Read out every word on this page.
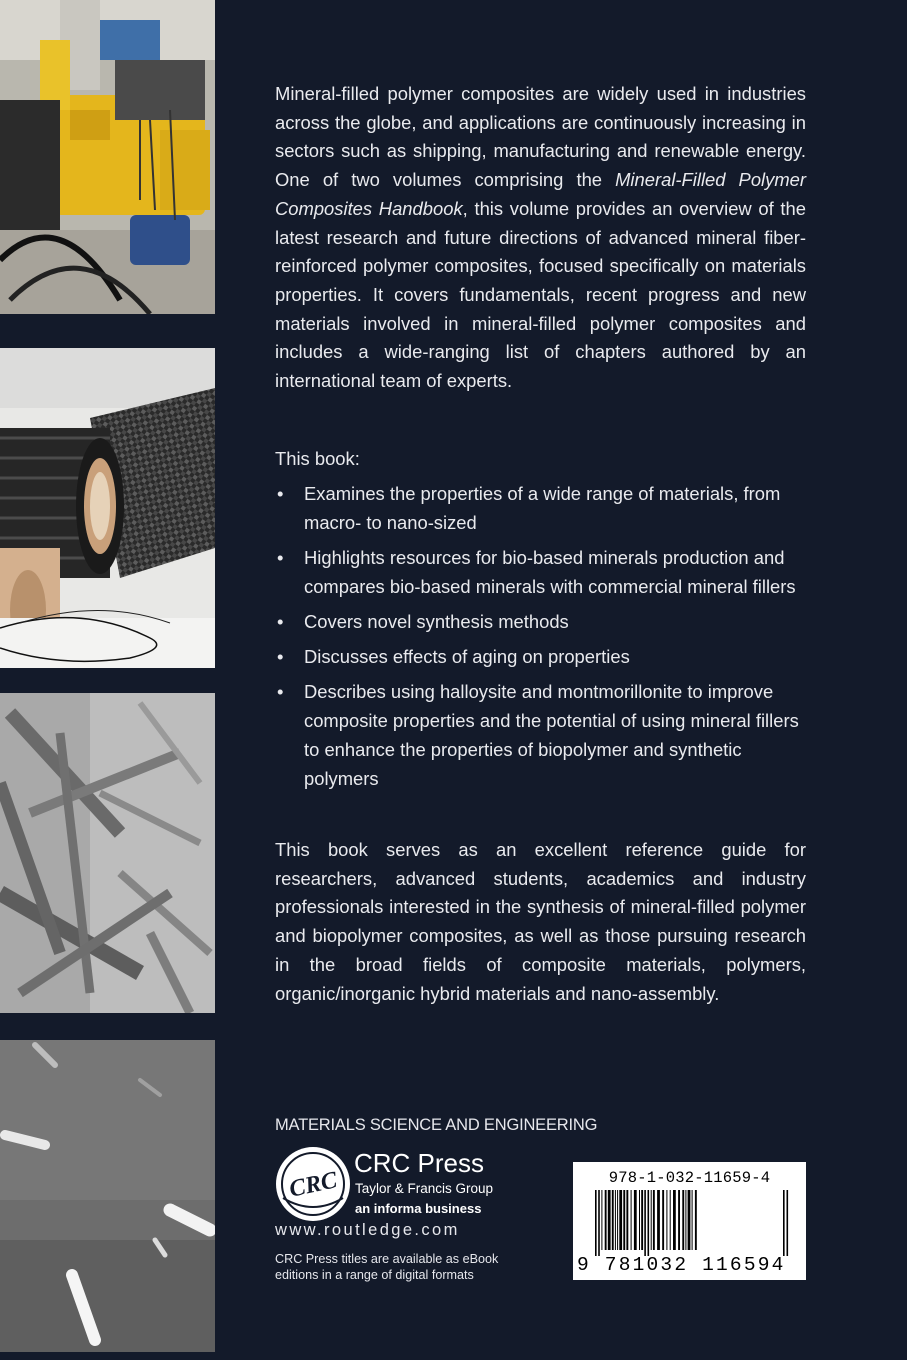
Mineral-filled polymer composites are widely used in industries across the globe, and applications are continuously increasing in sectors such as shipping, manufacturing and renewable energy. One of two volumes comprising the Mineral-Filled Polymer Composites Handbook, this volume provides an overview of the latest research and future directions of advanced mineral fiber-reinforced polymer composites, focused specifically on materials properties. It covers fundamentals, recent progress and new materials involved in mineral-filled polymer composites and includes a wide-ranging list of chapters authored by an international team of experts.

This book:

• Examines the properties of a wide range of materials, from macro- to nano-sized
• Highlights resources for bio-based minerals production and compares bio-based minerals with commercial mineral fillers
• Covers novel synthesis methods
• Discusses effects of aging on properties
• Describes using halloysite and montmorillonite to improve composite properties and the potential of using mineral fillers to enhance the properties of biopolymer and synthetic polymers

This book serves as an excellent reference guide for researchers, advanced students, academics and industry professionals interested in the synthesis of mineral-filled polymer and biopolymer composites, as well as those pursuing research in the broad fields of composite materials, polymers, organic/inorganic hybrid materials and nano-assembly.

MATERIALS SCIENCE AND ENGINEERING
CRC
CRC Press
Taylor & Francis Group
an informa business
www.routledge.com
CRC Press titles are available as eBook
editions in a range of digital formats
978-1-032-11659-4
9 781032 116594
